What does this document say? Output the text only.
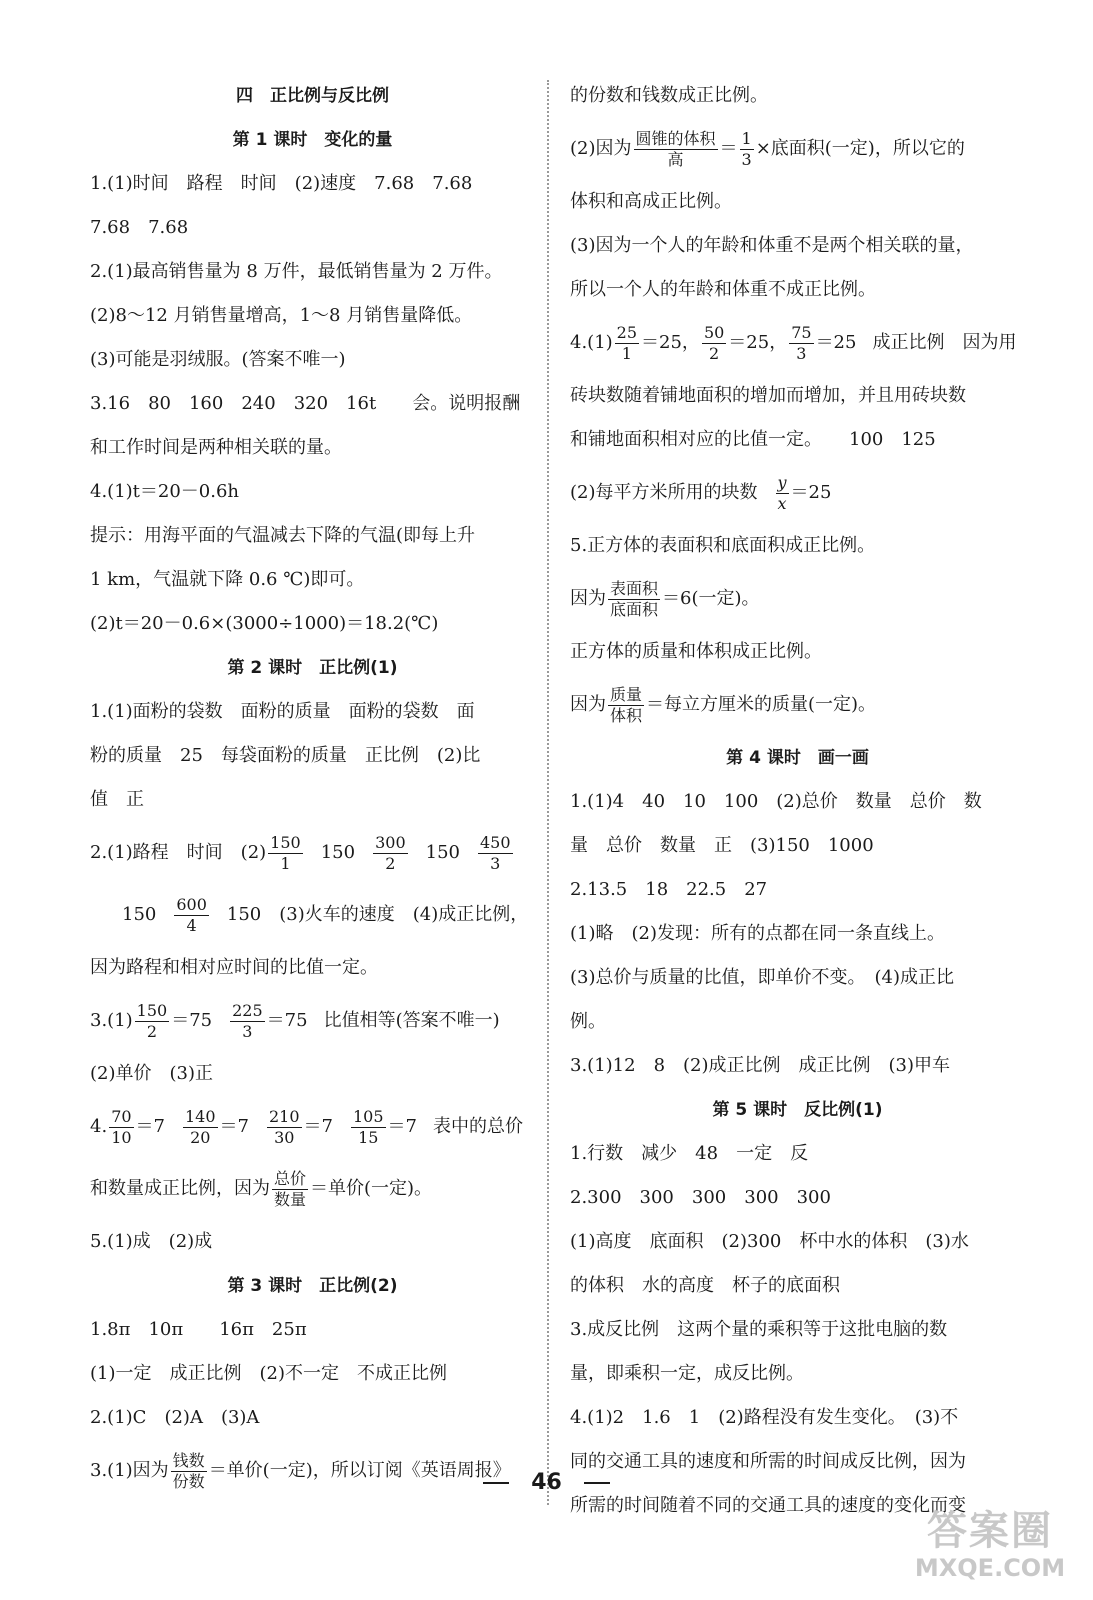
四　正比例与反比例
第 1 课时　变化的量
1.(1)时间　路程　时间　(2)速度　7.68　7.68
7.68　7.68
2.(1)最高销售量为 8 万件，最低销售量为 2 万件。
(2)8～12 月销售量增高，1～8 月销售量降低。
(3)可能是羽绒服。(答案不唯一)
3.16　80　160　240　320　16t　　会。说明报酬
和工作时间是两种相关联的量。
4.(1)t＝20－0.6h
提示：用海平面的气温减去下降的气温(即每上升
1 km，气温就下降 0.6 ℃)即可。
(2)t＝20－0.6×(3000÷1000)＝18.2(℃)
第 2 课时　正比例(1)
1.(1)面粉的袋数　面粉的质量　面粉的袋数　面
粉的质量　25　每袋面粉的质量　正比例　(2)比
值　正
2.(1)路程　时间　$(2) \frac{150}{1} 150 \frac{300}{2} 150 \frac{450}{3}$
$150 \frac{600}{4} 150$　(3)火车的速度　(4)成正比例，
因为路程和相对应时间的比值一定。
$3.(1) \frac{150}{2} =75 \frac{225}{3} =75$ 比值相等(答案不唯一)
(2)单价　(3)正
4. $\frac{70}{10} =7 \frac{140}{20} =7 \frac{210}{30} =7 \frac{105}{15} =7$ 表中的总价
和数量成正比例，因为 $\frac{\text{总价}}{\text{数量}}$ ＝单价(一定)。
5.(1)成　(2)成
第 3 课时　正比例(2)
1.8π　10π　　16π　25π
(1)一定　成正比例　(2)不一定　不成正比例
2.(1)C　(2)A　(3)A
3.(1)因为 $\frac{\text{钱数}}{\text{份数}}$ ＝单价(一定)，所以订阅《英语周报》
的份数和钱数成正比例。
(2)因为 $\frac{\text{圆锥的体积}}{\text{高}} = \frac{1}{3}$ ×底面积(一定)，所以它的
体积和高成正比例。
(3)因为一个人的年龄和体重不是两个相关联的量，
所以一个人的年龄和体重不成正比例。
$4.(1) \frac{25}{1} =25$， $\frac{50}{2} =25$， $\frac{75}{3} =25$ 成正比例　因为用
砖块数随着铺地面积的增加而增加，并且用砖块数
和铺地面积相对应的比值一定。　　100　125
(2)每平方米所用的块数 $\frac{y}{x} =25$
5.正方体的表面积和底面积成正比例。
因为 $\frac{\text{表面积}}{\text{底面积}} =6$(一定)。
正方体的质量和体积成正比例。
因为 $\frac{\text{质量}}{\text{体积}}$ ＝每立方厘米的质量(一定)。
第 4 课时　画一画
1.(1)4　40　10　100　(2)总价　数量　总价　数
量　总价　数量　正　(3)150　1000
2.13.5　18　22.5　27
(1)略　(2)发现：所有的点都在同一条直线上。
(3)总价与质量的比值，即单价不变。　(4)成正比
例。
3.(1)12　8　(2)成正比例　成正比例　(3)甲车
第 5 课时　反比例(1)
1.行数　减少　48　一定　反
2.300　300　300　300　300
(1)高度　底面积　(2)300　杯中水的体积　(3)水
的体积　水的高度　杯子的底面积
3.成反比例　这两个量的乘积等于这批电脑的数
量，即乘积一定，成反比例。
4.(1)2　1.6　1　(2)路程没有发生变化。　(3)不
同的交通工具的速度和所需的时间成反比例，因为
所需的时间随着不同的交通工具的速度的变化而变
46
答案圈
MXQE.COM
